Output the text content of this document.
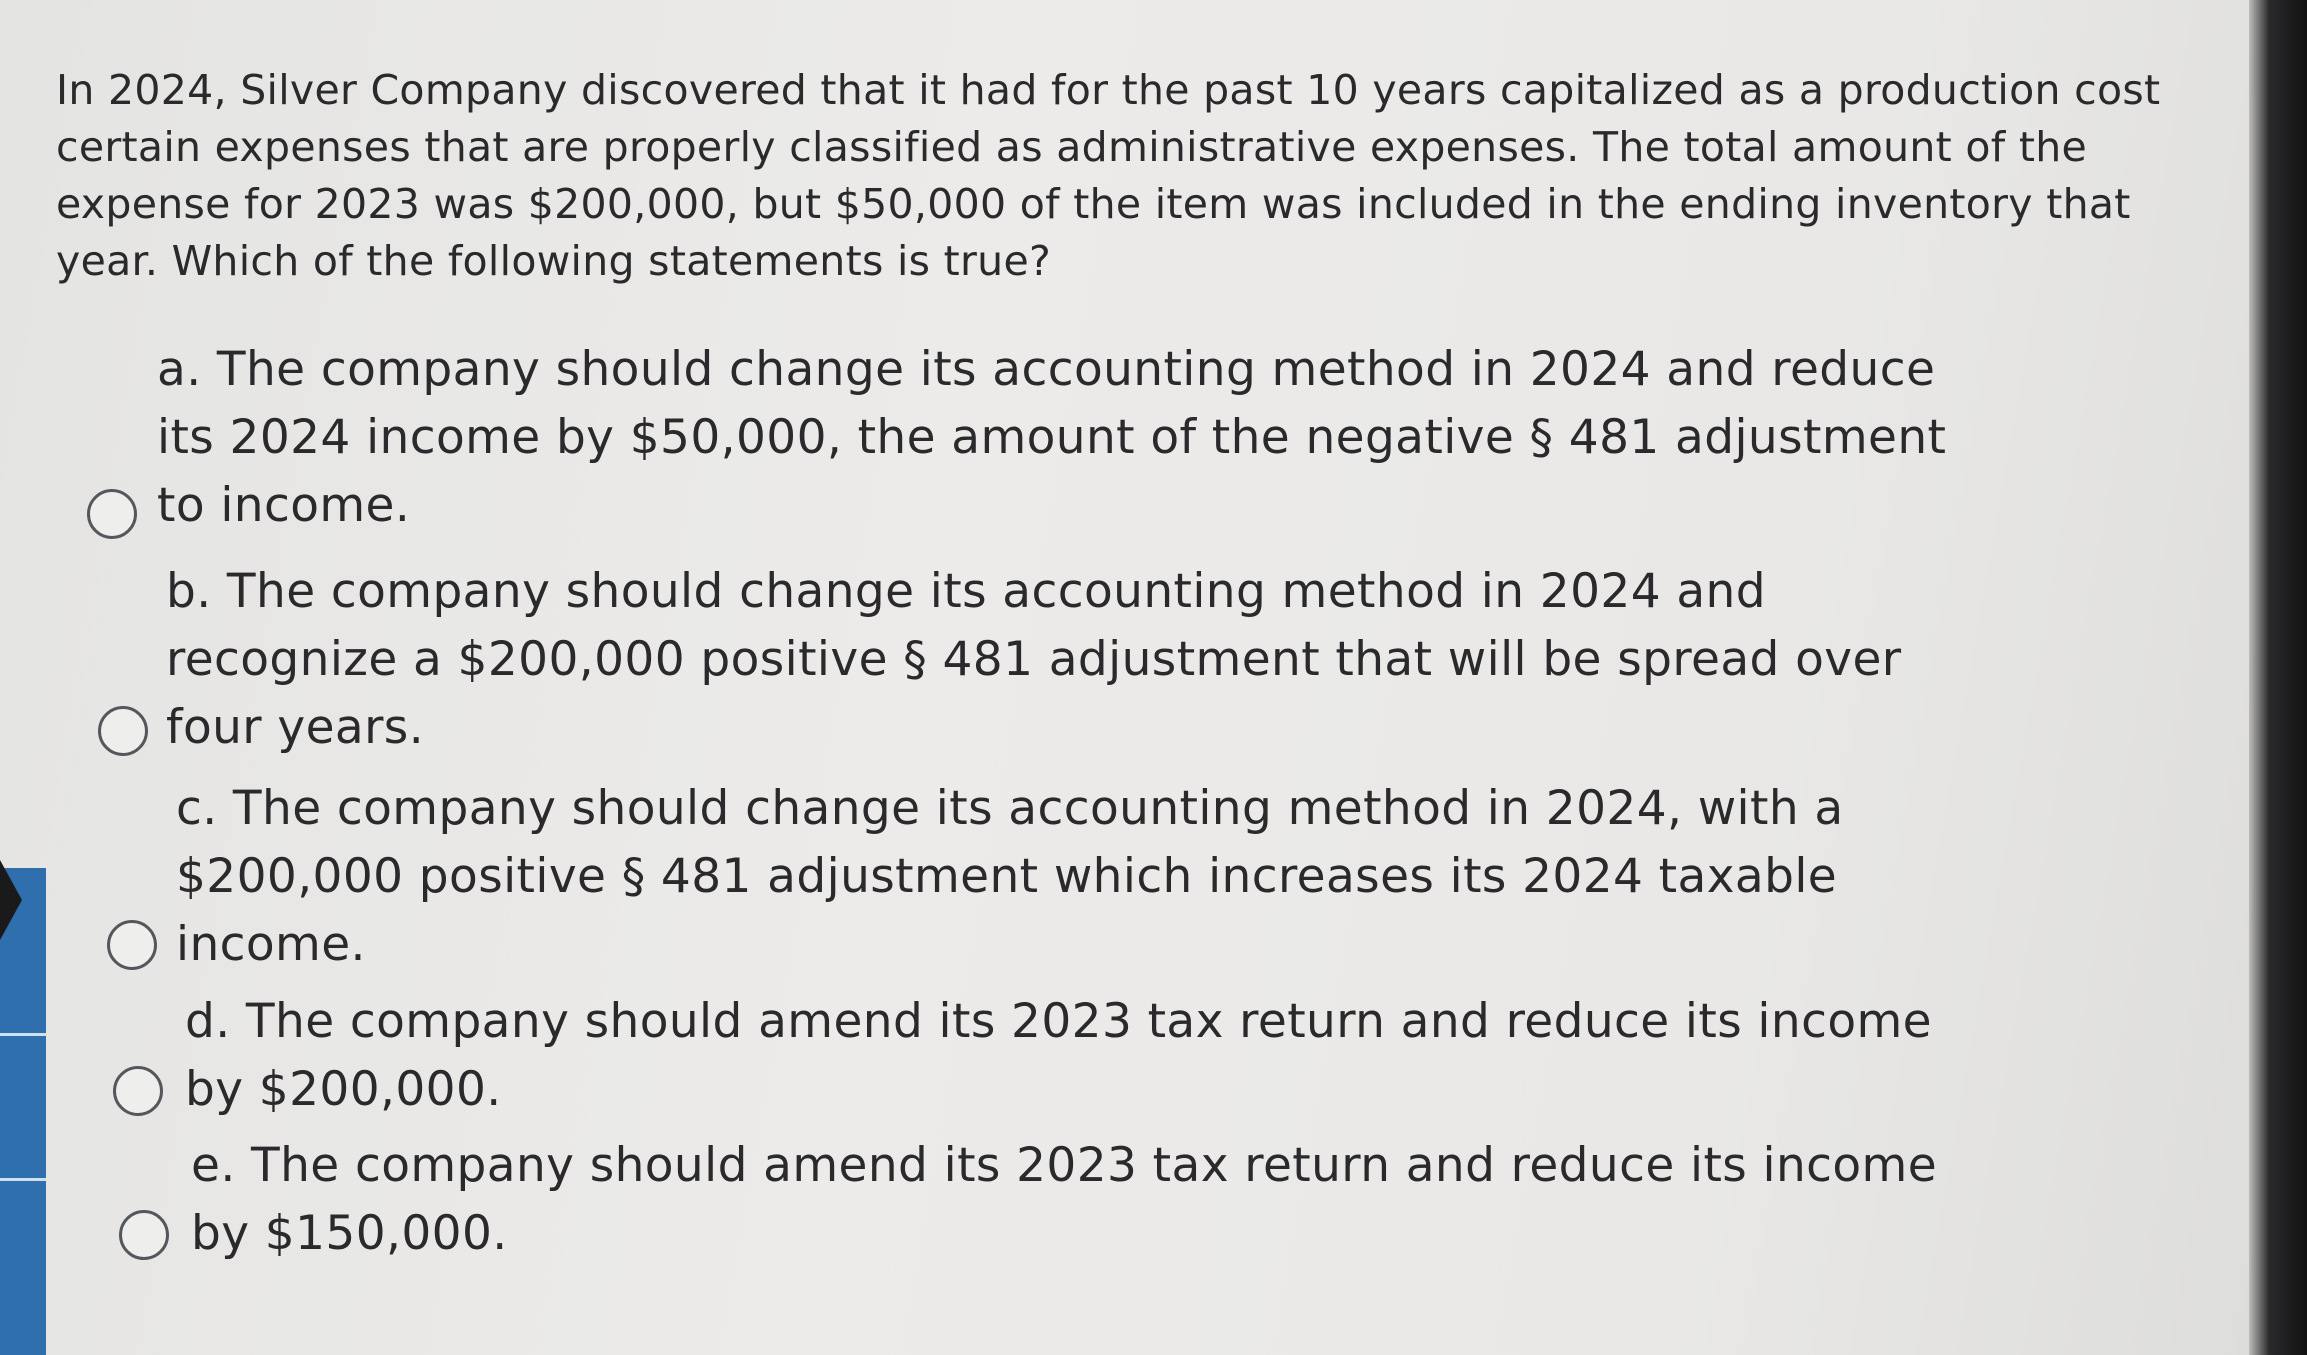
In 2024, Silver Company discovered that it had for the past 10 years capitalized as a production cost
certain expenses that are properly classified as administrative expenses. The total amount of the
expense for 2023 was $200,000, but $50,000 of the item was included in the ending inventory that
year. Which of the following statements is true?
a. The company should change its accounting method in 2024 and reduce
its 2024 income by $50,000, the amount of the negative § 481 adjustment
to income.
b. The company should change its accounting method in 2024 and
recognize a $200,000 positive § 481 adjustment that will be spread over
four years.
c. The company should change its accounting method in 2024, with a
$200,000 positive § 481 adjustment which increases its 2024 taxable
income.
d. The company should amend its 2023 tax return and reduce its income
by $200,000.
e. The company should amend its 2023 tax return and reduce its income
by $150,000.
